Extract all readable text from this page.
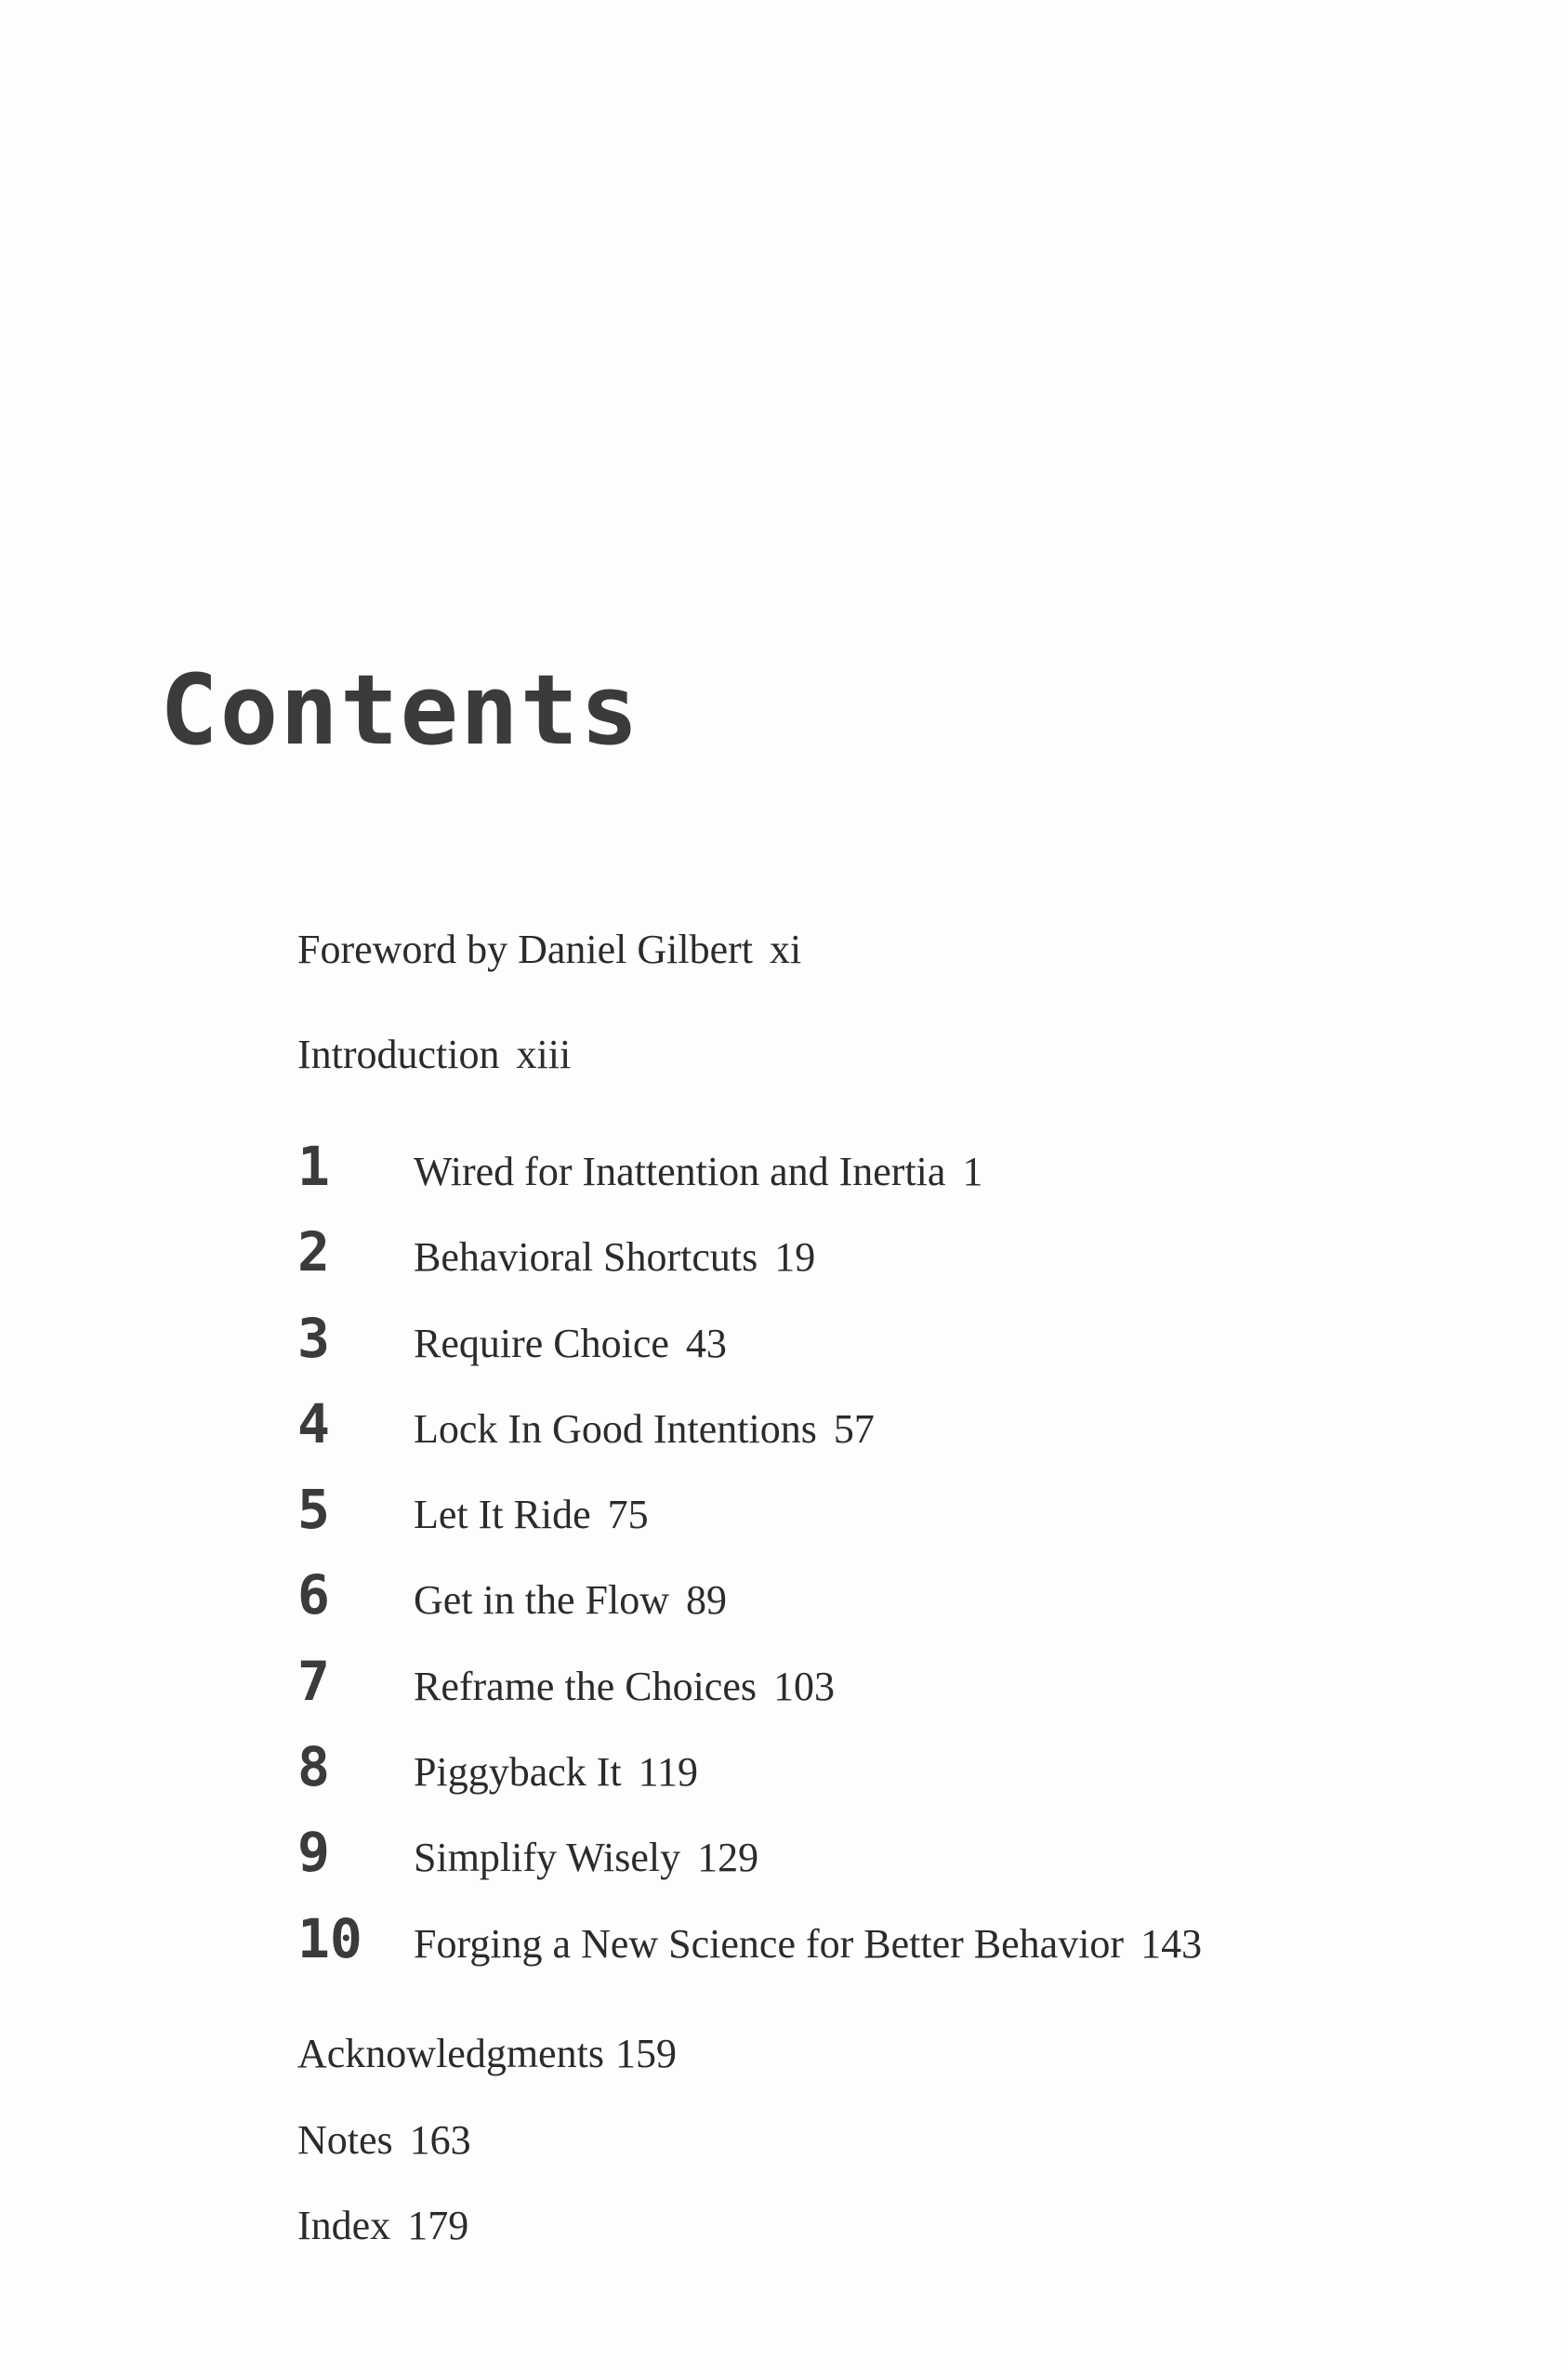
Contents
Foreword by Daniel Gilbert xi
Introduction xiii
1	Wired for Inattention and Inertia 1
2	Behavioral Shortcuts 19
3	Require Choice 43
4	Lock In Good Intentions 57
5	Let It Ride 75
6	Get in the Flow 89
7	Reframe the Choices 103
8	Piggyback It 119
9	Simplify Wisely 129
10	Forging a New Science for Better Behavior 143
Acknowledgments 159
Notes 163
Index 179
